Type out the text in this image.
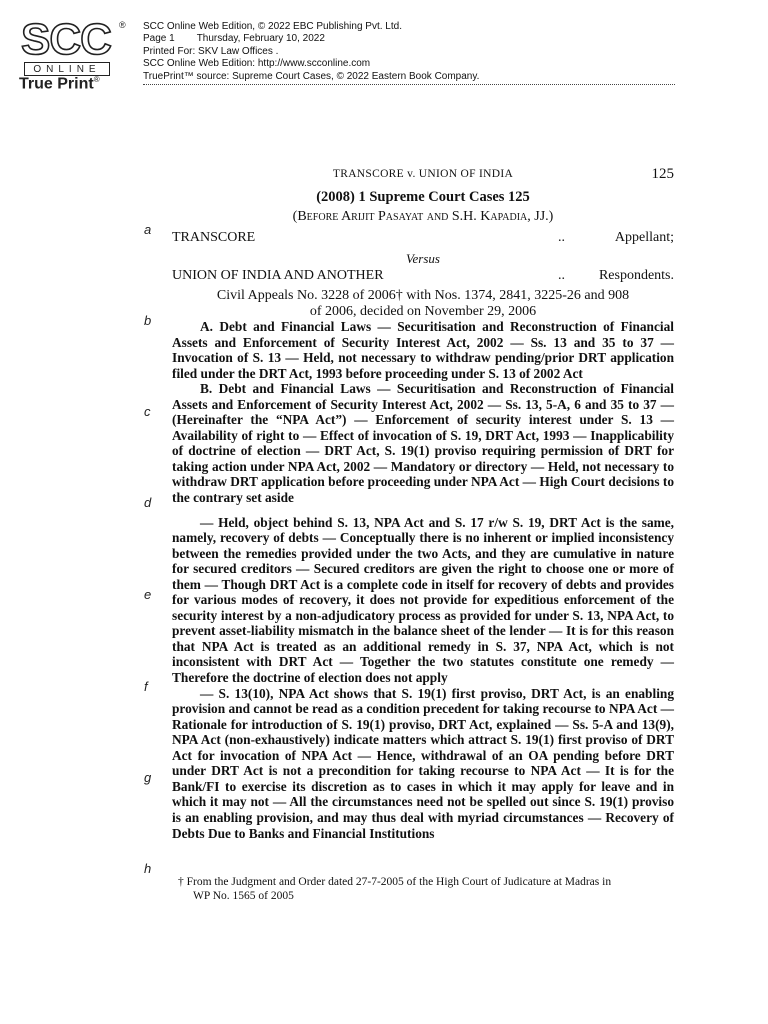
SCC ®
ONLINE
True Print®
SCC Online Web Edition, © 2022 EBC Publishing Pvt. Ltd.
Page 1 Thursday, February 10, 2022
Printed For: SKV Law Offices .
SCC Online Web Edition: http://www.scconline.com
TruePrint™ source: Supreme Court Cases, © 2022 Eastern Book Company.
TRANSCORE v. UNION OF INDIA	125
(2008) 1 Supreme Court Cases 125
(Before Arijit Pasayat and S.H. Kapadia, JJ.)
TRANSCORE	..	Appellant;
Versus
UNION OF INDIA AND ANOTHER	.. Respondents.
Civil Appeals No. 3228 of 2006† with Nos. 1374, 2841, 3225-26 and 908
of 2006, decided on November 29, 2006
a
b
c
d
e
f
g
h

A. Debt and Financial Laws — Securitisation and Reconstruction of Financial Assets and Enforcement of Security Interest Act, 2002 — Ss. 13 and 35 to 37 — Invocation of S. 13 — Held, not necessary to withdraw pending/prior DRT application filed under the DRT Act, 1993 before proceeding under S. 13 of 2002 Act

B. Debt and Financial Laws — Securitisation and Reconstruction of Financial Assets and Enforcement of Security Interest Act, 2002 — Ss. 13, 5-A, 6 and 35 to 37 — (Hereinafter the “NPA Act”) — Enforcement of security interest under S. 13 — Availability of right to — Effect of invocation of S. 19, DRT Act, 1993 — Inapplicability of doctrine of election — DRT Act, S. 19(1) proviso requiring permission of DRT for taking action under NPA Act, 2002 — Mandatory or directory — Held, not necessary to withdraw DRT application before proceeding under NPA Act — High Court decisions to the contrary set aside

— Held, object behind S. 13, NPA Act and S. 17 r/w S. 19, DRT Act is the same, namely, recovery of debts — Conceptually there is no inherent or implied inconsistency between the remedies provided under the two Acts, and they are cumulative in nature for secured creditors — Secured creditors are given the right to choose one or more of them — Though DRT Act is a complete code in itself for recovery of debts and provides for various modes of recovery, it does not provide for expeditious enforcement of the security interest by a non-adjudicatory process as provided for under S. 13, NPA Act, to prevent asset-liability mismatch in the balance sheet of the lender — It is for this reason that NPA Act is treated as an additional remedy in S. 37, NPA Act, which is not inconsistent with DRT Act — Together the two statutes constitute one remedy — Therefore the doctrine of election does not apply

— S. 13(10), NPA Act shows that S. 19(1) first proviso, DRT Act, is an enabling provision and cannot be read as a condition precedent for taking recourse to NPA Act — Rationale for introduction of S. 19(1) proviso, DRT Act, explained — Ss. 5-A and 13(9), NPA Act (non-exhaustively) indicate matters which attract S. 19(1) first proviso of DRT Act for invocation of NPA Act — Hence, withdrawal of an OA pending before DRT under DRT Act is not a precondition for taking recourse to NPA Act — It is for the Bank/FI to exercise its discretion as to cases in which it may apply for leave and in which it may not — All the circumstances need not be spelled out since S. 19(1) proviso is an enabling provision, and may thus deal with myriad circumstances — Recovery of Debts Due to Banks and Financial Institutions

† From the Judgment and Order dated 27-7-2005 of the High Court of Judicature at Madras in
WP No. 1565 of 2005
